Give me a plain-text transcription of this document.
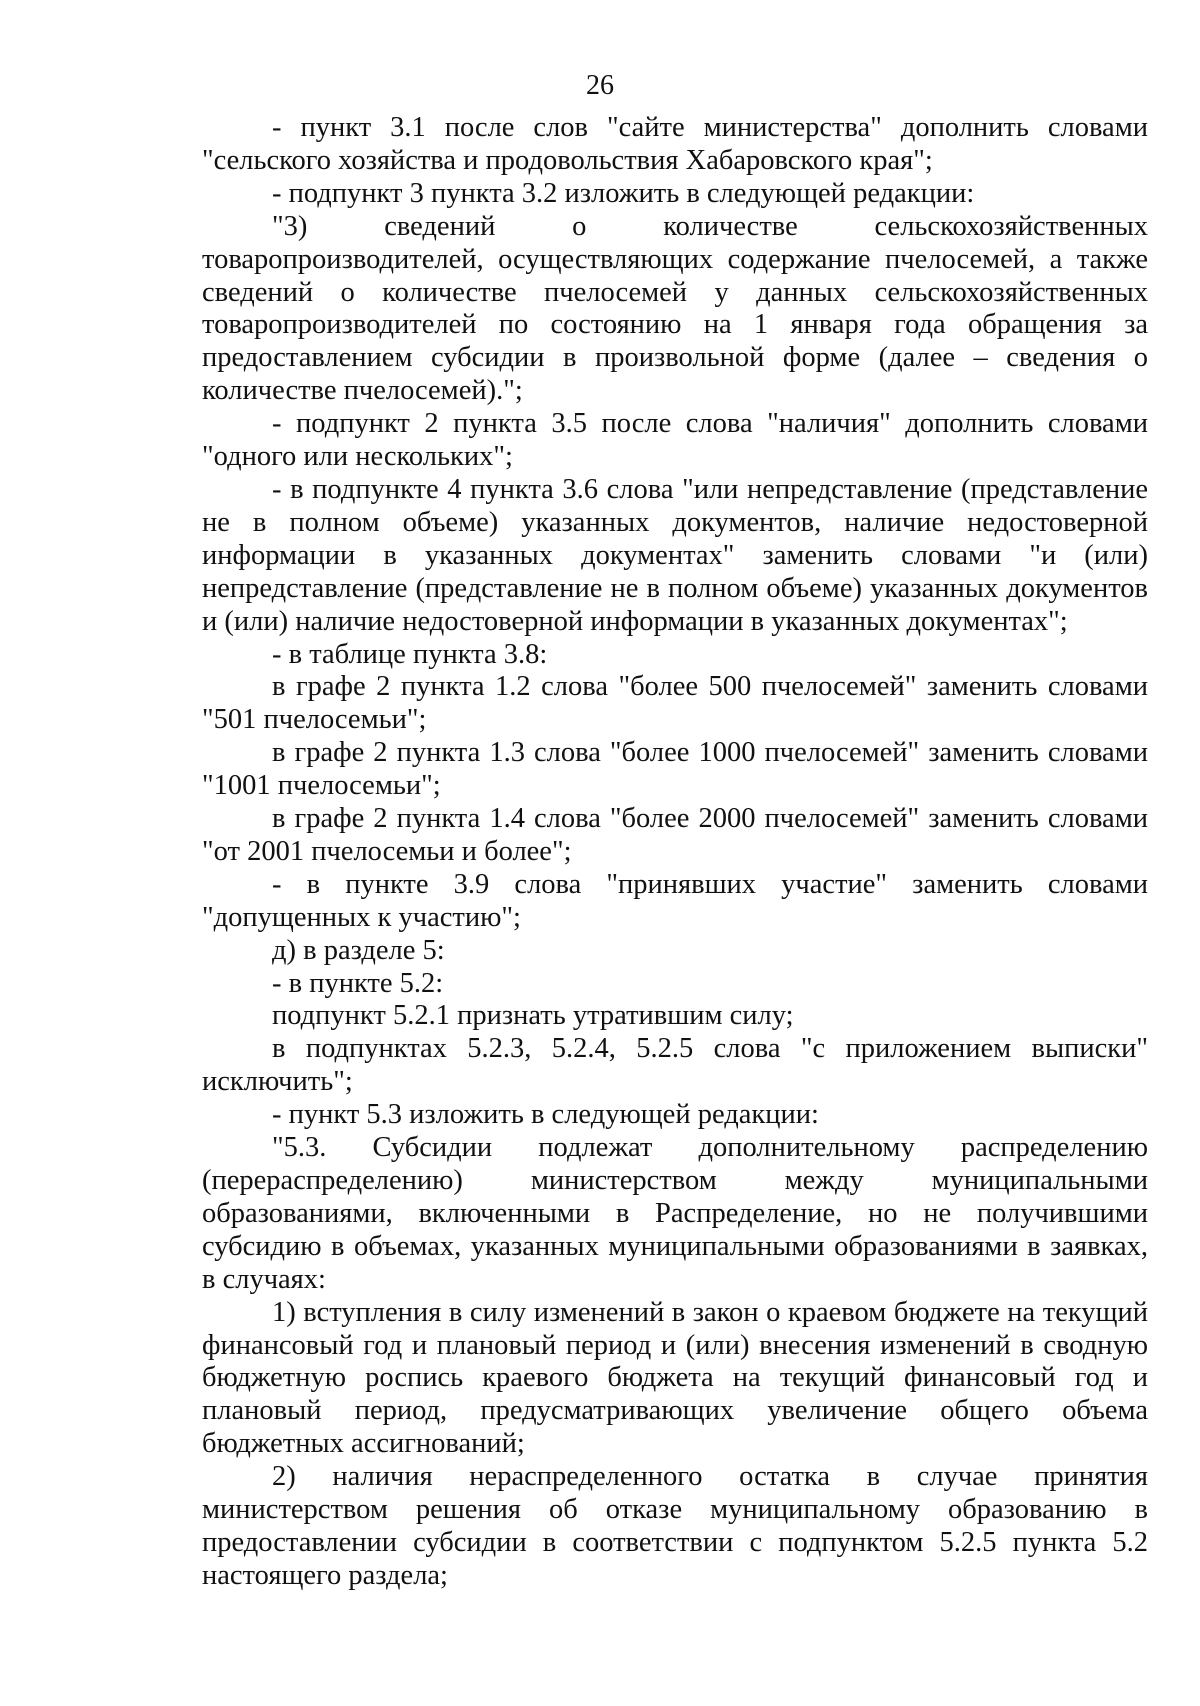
26

- пункт 3.1 после слов "сайте министерства" дополнить словами "сельского хозяйства и продовольствия Хабаровского края";

- подпункт 3 пункта 3.2 изложить в следующей редакции:

"3) сведений о количестве сельскохозяйственных товаропроизводителей, осуществляющих содержание пчелосемей, а также сведений о количестве пчелосемей у данных сельскохозяйственных товаропроизводителей по состоянию на 1 января года обращения за предоставлением субсидии в произвольной форме (далее – сведения о количестве пчелосемей).";

- подпункт 2 пункта 3.5 после слова "наличия" дополнить словами "одного или нескольких";

- в подпункте 4 пункта 3.6 слова "или непредставление (представление не в полном объеме) указанных документов, наличие недостоверной информации в указанных документах" заменить словами "и (или) непредставление (представление не в полном объеме) указанных документов и (или) наличие недостоверной информации в указанных документах";

- в таблице пункта 3.8:

в графе 2 пункта 1.2 слова "более 500 пчелосемей" заменить словами "501 пчелосемьи";

в графе 2 пункта 1.3 слова "более 1000 пчелосемей" заменить словами "1001 пчелосемьи";

в графе 2 пункта 1.4 слова "более 2000 пчелосемей" заменить словами "от 2001 пчелосемьи и более";

- в пункте 3.9 слова "принявших участие" заменить словами "допущенных к участию";

д) в разделе 5:

- в пункте 5.2:

подпункт 5.2.1 признать утратившим силу;

в подпунктах 5.2.3, 5.2.4, 5.2.5 слова "с приложением выписки" исключить";

- пункт 5.3 изложить в следующей редакции:

"5.3. Субсидии подлежат дополнительному распределению (перераспределению) министерством между муниципальными образованиями, включенными в Распределение, но не получившими субсидию в объемах, указанных муниципальными образованиями в заявках, в случаях:

1) вступления в силу изменений в закон о краевом бюджете на текущий финансовый год и плановый период и (или) внесения изменений в сводную бюджетную роспись краевого бюджета на текущий финансовый год и плановый период, предусматривающих увеличение общего объема бюджетных ассигнований;

2) наличия нераспределенного остатка в случае принятия министерством решения об отказе муниципальному образованию в предоставлении субсидии в соответствии с подпунктом 5.2.5 пункта 5.2 настоящего раздела;
